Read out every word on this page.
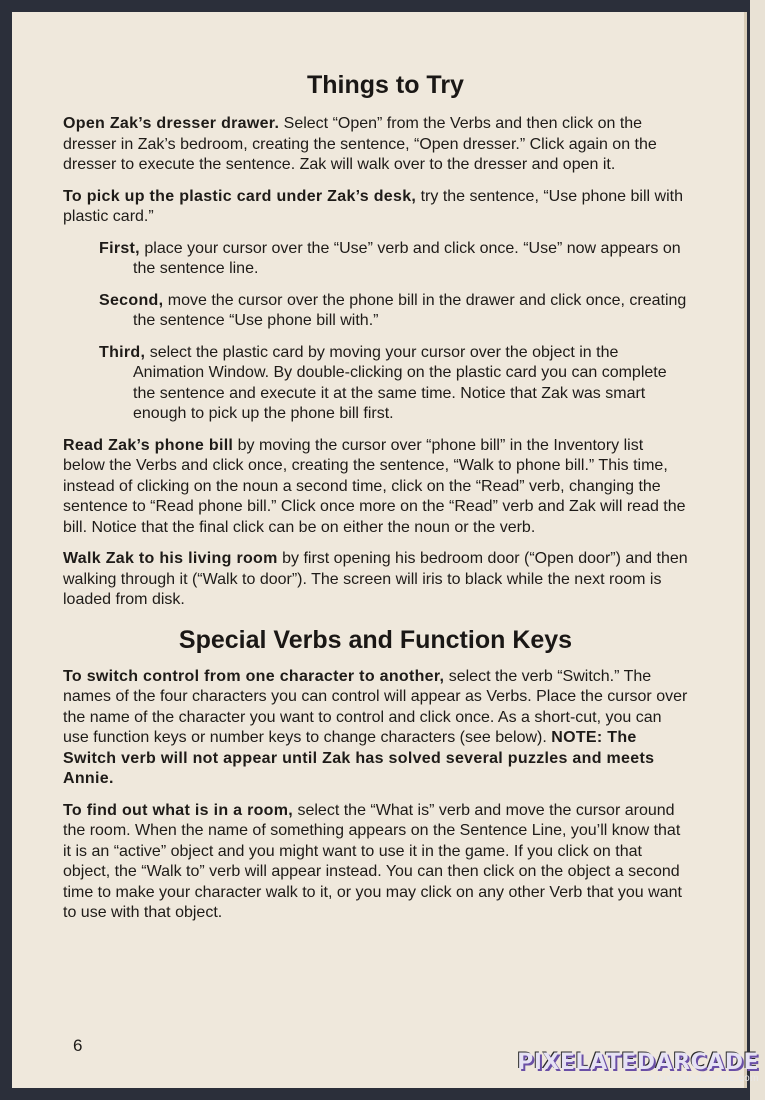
Things to Try

Open Zak’s dresser drawer. Select “Open” from the Verbs and then click on the dresser in Zak’s bedroom, creating the sentence, “Open dresser.” Click again on the dresser to execute the sentence. Zak will walk over to the dresser and open it.

To pick up the plastic card under Zak’s desk, try the sentence, “Use phone bill with plastic card.”

First, place your cursor over the “Use” verb and click once. “Use” now appears on the sentence line.

Second, move the cursor over the phone bill in the drawer and click once, creating the sentence “Use phone bill with.”

Third, select the plastic card by moving your cursor over the object in the Animation Window. By double-clicking on the plastic card you can complete the sentence and execute it at the same time. Notice that Zak was smart enough to pick up the phone bill first.

Read Zak’s phone bill by moving the cursor over “phone bill” in the Inventory list below the Verbs and click once, creating the sentence, “Walk to phone bill.” This time, instead of clicking on the noun a second time, click on the “Read” verb, changing the sentence to “Read phone bill.” Click once more on the “Read” verb and Zak will read the bill. Notice that the final click can be on either the noun or the verb.

Walk Zak to his living room by first opening his bedroom door (“Open door”) and then walking through it (“Walk to door”). The screen will iris to black while the next room is loaded from disk.

Special Verbs and Function Keys

To switch control from one character to another, select the verb “Switch.” The names of the four characters you can control will appear as Verbs. Place the cursor over the name of the character you want to control and click once. As a short-cut, you can use function keys or number keys to change characters (see below). NOTE: The Switch verb will not appear until Zak has solved several puzzles and meets Annie.

To find out what is in a room, select the “What is” verb and move the cursor around the room. When the name of something appears on the Sentence Line, you’ll know that it is an “active” object and you might want to use it in the game. If you click on that object, the “Walk to” verb will appear instead. You can then click on the object a second time to make your character walk to it, or you may click on any other Verb that you want to use with that object.

6
PIXELATEDARCADE
www.pixelatedarcade.com
